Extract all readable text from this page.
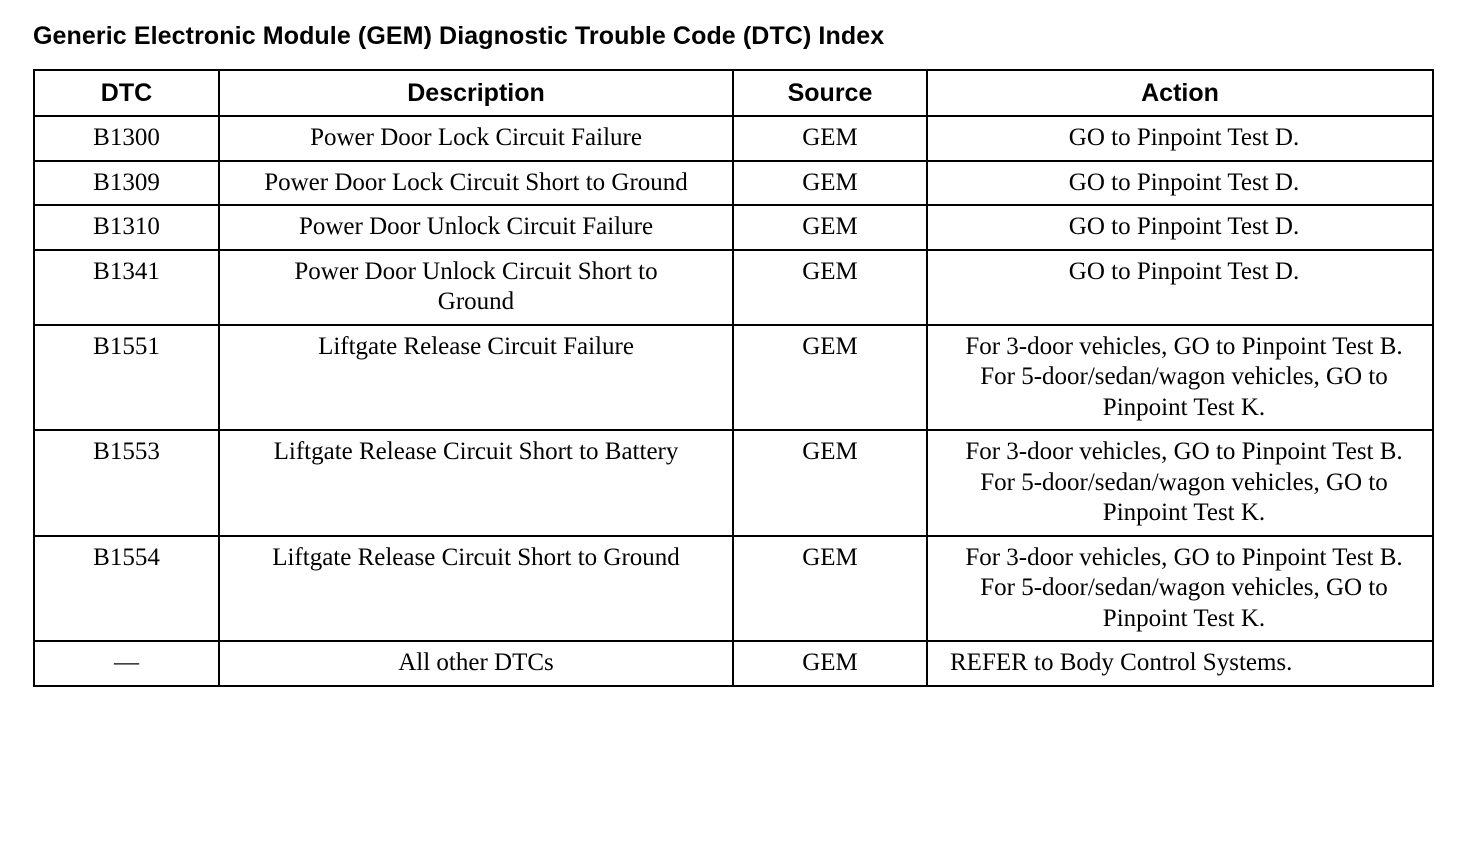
Generic Electronic Module (GEM) Diagnostic Trouble Code (DTC) Index
DTC	Description	Source	Action
B1300	Power Door Lock Circuit Failure	GEM	GO to Pinpoint Test D.

B1309	Power Door Lock Circuit Short to Ground	GEM	GO to Pinpoint Test D.

B1310	Power Door Unlock Circuit Failure	GEM	GO to Pinpoint Test D.

B1341	Power Door Unlock Circuit Short to Ground	GEM	GO to Pinpoint Test D.

B1551	Liftgate Release Circuit Failure	GEM	For 3-door vehicles, GO to Pinpoint Test B.
For 5-door/sedan/wagon vehicles, GO to Pinpoint Test K.

B1553	Liftgate Release Circuit Short to Battery	GEM	For 3-door vehicles, GO to Pinpoint Test B.
For 5-door/sedan/wagon vehicles, GO to Pinpoint Test K.

B1554	Liftgate Release Circuit Short to Ground	GEM	For 3-door vehicles, GO to Pinpoint Test B.
For 5-door/sedan/wagon vehicles, GO to Pinpoint Test K.

—	All other DTCs	GEM	REFER to Body Control Systems.
